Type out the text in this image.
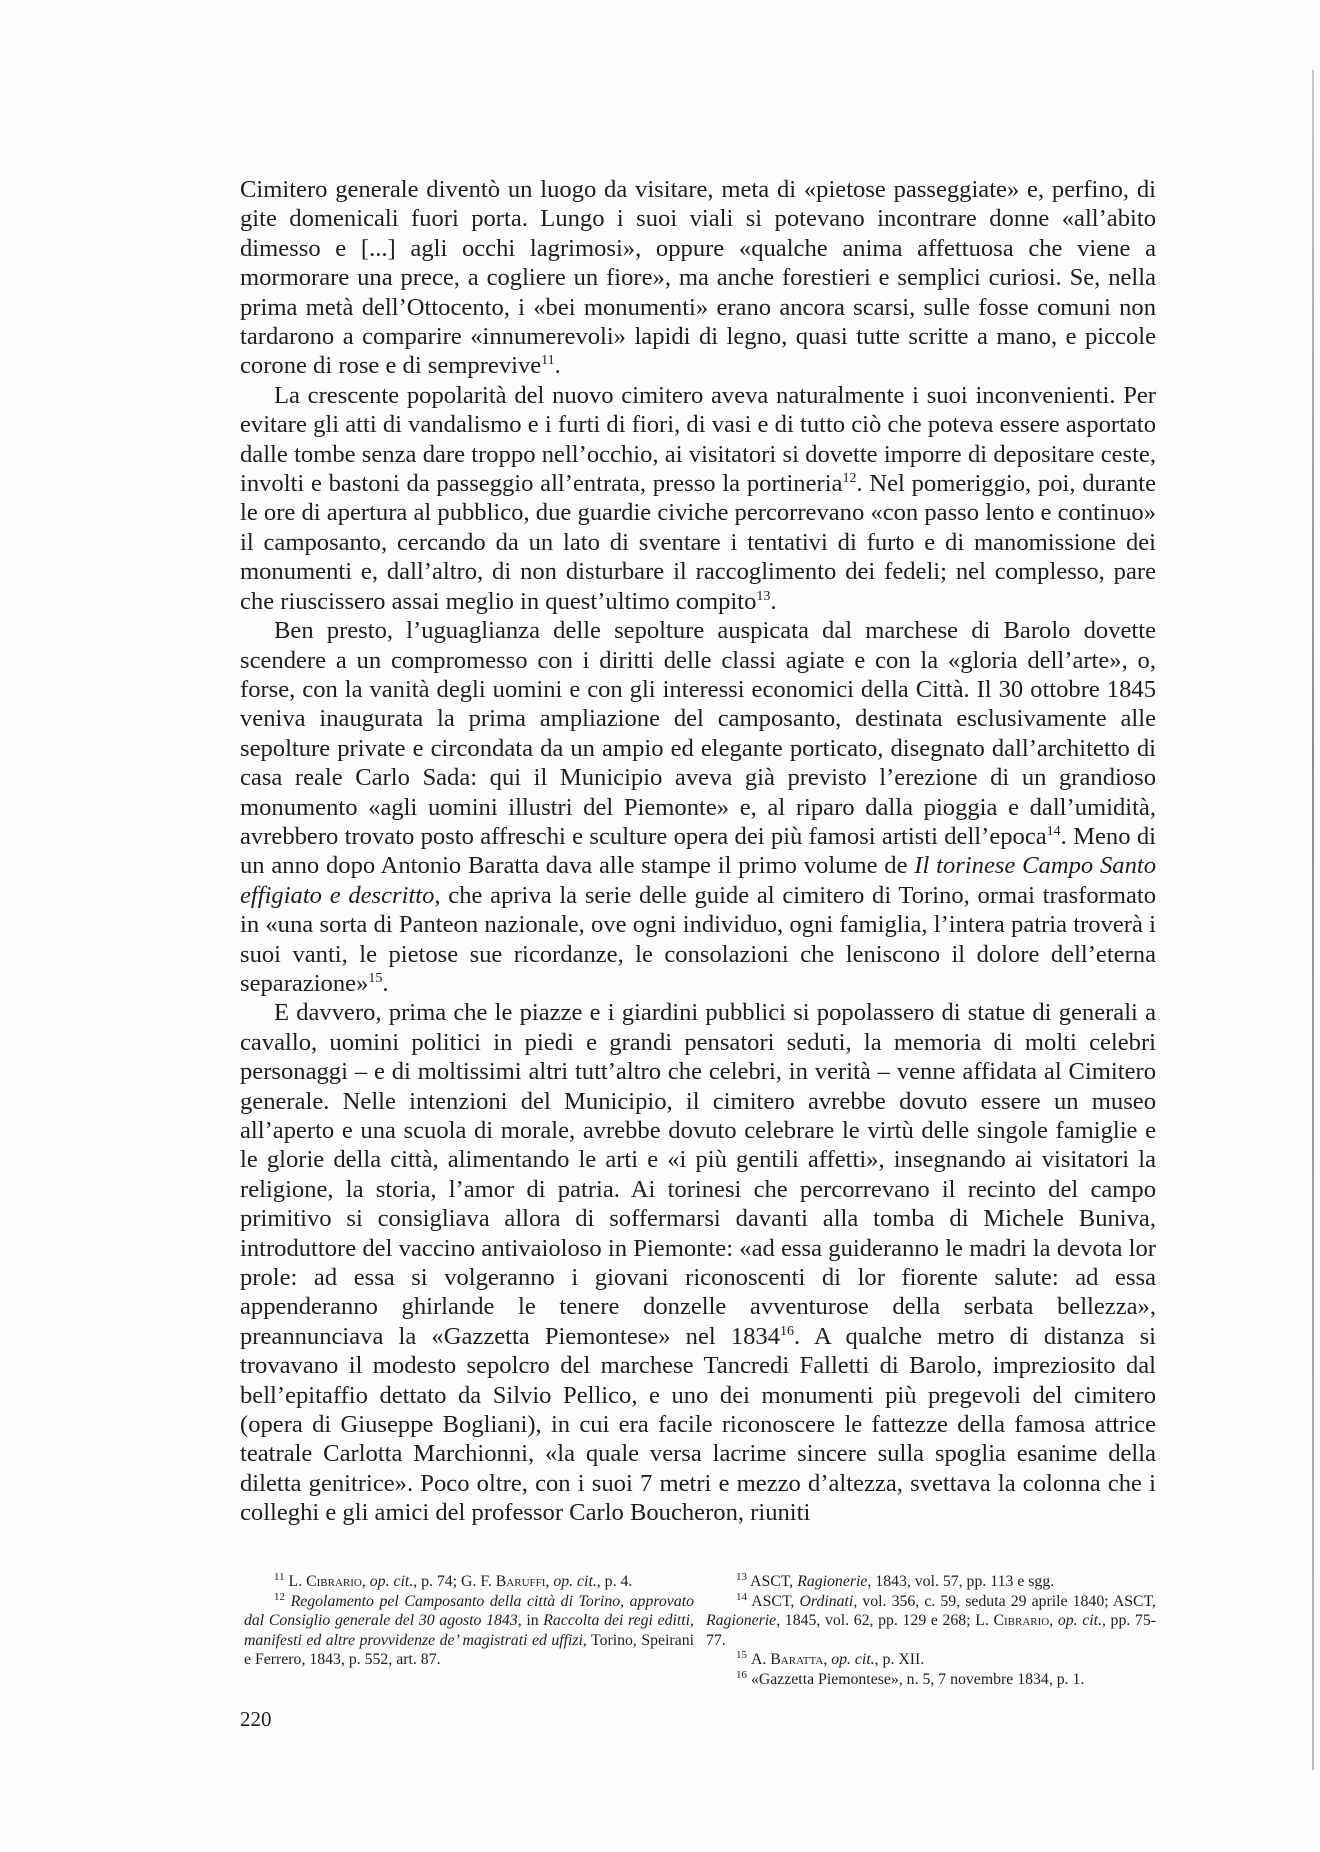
Cimitero generale diventò un luogo da visitare, meta di «pietose passeggiate» e, perfino, di gite domenicali fuori porta. Lungo i suoi viali si potevano incontrare donne «all’abito dimesso e [...] agli occhi lagrimosi», oppure «qualche anima affettuosa che viene a mormorare una prece, a cogliere un fiore», ma anche forestieri e semplici curiosi. Se, nella prima metà dell’Ottocento, i «bei monumenti» erano ancora scarsi, sulle fosse comuni non tardarono a comparire «innumerevoli» lapidi di legno, quasi tutte scritte a mano, e piccole corone di rose e di semprevive$^{11}$.

La crescente popolarità del nuovo cimitero aveva naturalmente i suoi inconvenienti. Per evitare gli atti di vandalismo e i furti di fiori, di vasi e di tutto ciò che poteva essere asportato dalle tombe senza dare troppo nell’occhio, ai visitatori si dovette imporre di depositare ceste, involti e bastoni da passeggio all’entrata, presso la portineria$^{12}$. Nel pomeriggio, poi, durante le ore di apertura al pubblico, due guardie civiche percorrevano «con passo lento e continuo» il camposanto, cercando da un lato di sventare i tentativi di furto e di manomissione dei monumenti e, dall’altro, di non disturbare il raccoglimento dei fedeli; nel complesso, pare che riuscissero assai meglio in quest’ultimo compito$^{13}$.

Ben presto, l’uguaglianza delle sepolture auspicata dal marchese di Barolo dovette scendere a un compromesso con i diritti delle classi agiate e con la «gloria dell’arte», o, forse, con la vanità degli uomini e con gli interessi economici della Città. Il 30 ottobre 1845 veniva inaugurata la prima ampliazione del camposanto, destinata esclusivamente alle sepolture private e circondata da un ampio ed elegante porticato, disegnato dall’architetto di casa reale Carlo Sada: qui il Municipio aveva già previsto l’erezione di un grandioso monumento «agli uomini illustri del Piemonte» e, al riparo dalla pioggia e dall’umidità, avrebbero trovato posto affreschi e sculture opera dei più famosi artisti dell’epoca$^{14}$. Meno di un anno dopo Antonio Baratta dava alle stampe il primo volume de Il torinese Campo Santo effigiato e descritto, che apriva la serie delle guide al cimitero di Torino, ormai trasformato in «una sorta di Panteon nazionale, ove ogni individuo, ogni famiglia, l’intera patria troverà i suoi vanti, le pietose sue ricordanze, le consolazioni che leniscono il dolore dell’eterna separazione»$^{15}$.

E davvero, prima che le piazze e i giardini pubblici si popolassero di statue di generali a cavallo, uomini politici in piedi e grandi pensatori seduti, la memoria di molti celebri personaggi – e di moltissimi altri tutt’altro che celebri, in verità – venne affidata al Cimitero generale. Nelle intenzioni del Municipio, il cimitero avrebbe dovuto essere un museo all’aperto e una scuola di morale, avrebbe dovuto celebrare le virtù delle singole famiglie e le glorie della città, alimentando le arti e «i più gentili affetti», insegnando ai visitatori la religione, la storia, l’amor di patria. Ai torinesi che percorrevano il recinto del campo primitivo si consigliava allora di soffermarsi davanti alla tomba di Michele Buniva, introduttore del vaccino antivaioloso in Piemonte: «ad essa guideranno le madri la devota lor prole: ad essa si volgeranno i giovani riconoscenti di lor fiorente salute: ad essa appenderanno ghirlande le tenere donzelle avventurose della serbata bellezza», preannunciava la «Gazzetta Piemontese» nel 1834$^{16}$. A qualche metro di distanza si trovavano il modesto sepolcro del marchese Tancredi Falletti di Barolo, impreziosito dal bell’epitaffio dettato da Silvio Pellico, e uno dei monumenti più pregevoli del cimitero (opera di Giuseppe Bogliani), in cui era facile riconoscere le fattezze della famosa attrice teatrale Carlotta Marchionni, «la quale versa lacrime sincere sulla spoglia esanime della diletta genitrice». Poco oltre, con i suoi 7 metri e mezzo d’altezza, svettava la colonna che i colleghi e gli amici del professor Carlo Boucheron, riuniti

$^{11}$ L. Cibrario, op. cit., p. 74; G. F. Baruffi, op. cit., p. 4.

$^{12}$ Regolamento pel Camposanto della città di Torino, approvato dal Consiglio generale del 30 agosto 1843, in Raccolta dei regi editti, manifesti ed altre provvidenze de’ magistrati ed uffizi, Torino, Speirani e Ferrero, 1843, p. 552, art. 87.

$^{13}$ ASCT, Ragionerie, 1843, vol. 57, pp. 113 e sgg.

$^{14}$ ASCT, Ordinati, vol. 356, c. 59, seduta 29 aprile 1840; ASCT, Ragionerie, 1845, vol. 62, pp. 129 e 268; L. Cibrario, op. cit., pp. 75-77.

$^{15}$ A. Baratta, op. cit., p. XII.

$^{16}$ «Gazzetta Piemontese», n. 5, 7 novembre 1834, p. 1.

220
